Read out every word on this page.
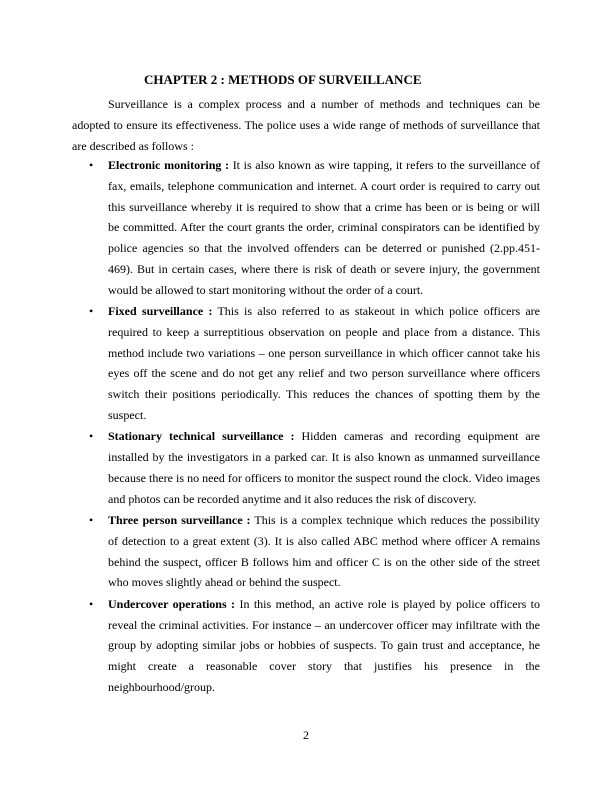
CHAPTER 2 : METHODS OF SURVEILLANCE

Surveillance is a complex process and a number of methods and techniques can be adopted to ensure its effectiveness. The police uses a wide range of methods of surveillance that are described as follows :

• Electronic monitoring : It is also known as wire tapping, it refers to the surveillance of fax, emails, telephone communication and internet. A court order is required to carry out this surveillance whereby it is required to show that a crime has been or is being or will be committed. After the court grants the order, criminal conspirators can be identified by police agencies so that the involved offenders can be deterred or punished (2.pp.451-469). But in certain cases, where there is risk of death or severe injury, the government would be allowed to start monitoring without the order of a court.
• Fixed surveillance : This is also referred to as stakeout in which police officers are required to keep a surreptitious observation on people and place from a distance. This method include two variations – one person surveillance in which officer cannot take his eyes off the scene and do not get any relief and two person surveillance where officers switch their positions periodically. This reduces the chances of spotting them by the suspect.
• Stationary technical surveillance : Hidden cameras and recording equipment are installed by the investigators in a parked car. It is also known as unmanned surveillance because there is no need for officers to monitor the suspect round the clock. Video images and photos can be recorded anytime and it also reduces the risk of discovery.
• Three person surveillance : This is a complex technique which reduces the possibility of detection to a great extent (3). It is also called ABC method where officer A remains behind the suspect, officer B follows him and officer C is on the other side of the street who moves slightly ahead or behind the suspect.
• Undercover operations : In this method, an active role is played by police officers to reveal the criminal activities. For instance – an undercover officer may infiltrate with the group by adopting similar jobs or hobbies of suspects. To gain trust and acceptance, he might create a reasonable cover story that justifies his presence in the neighbourhood/group.
2
